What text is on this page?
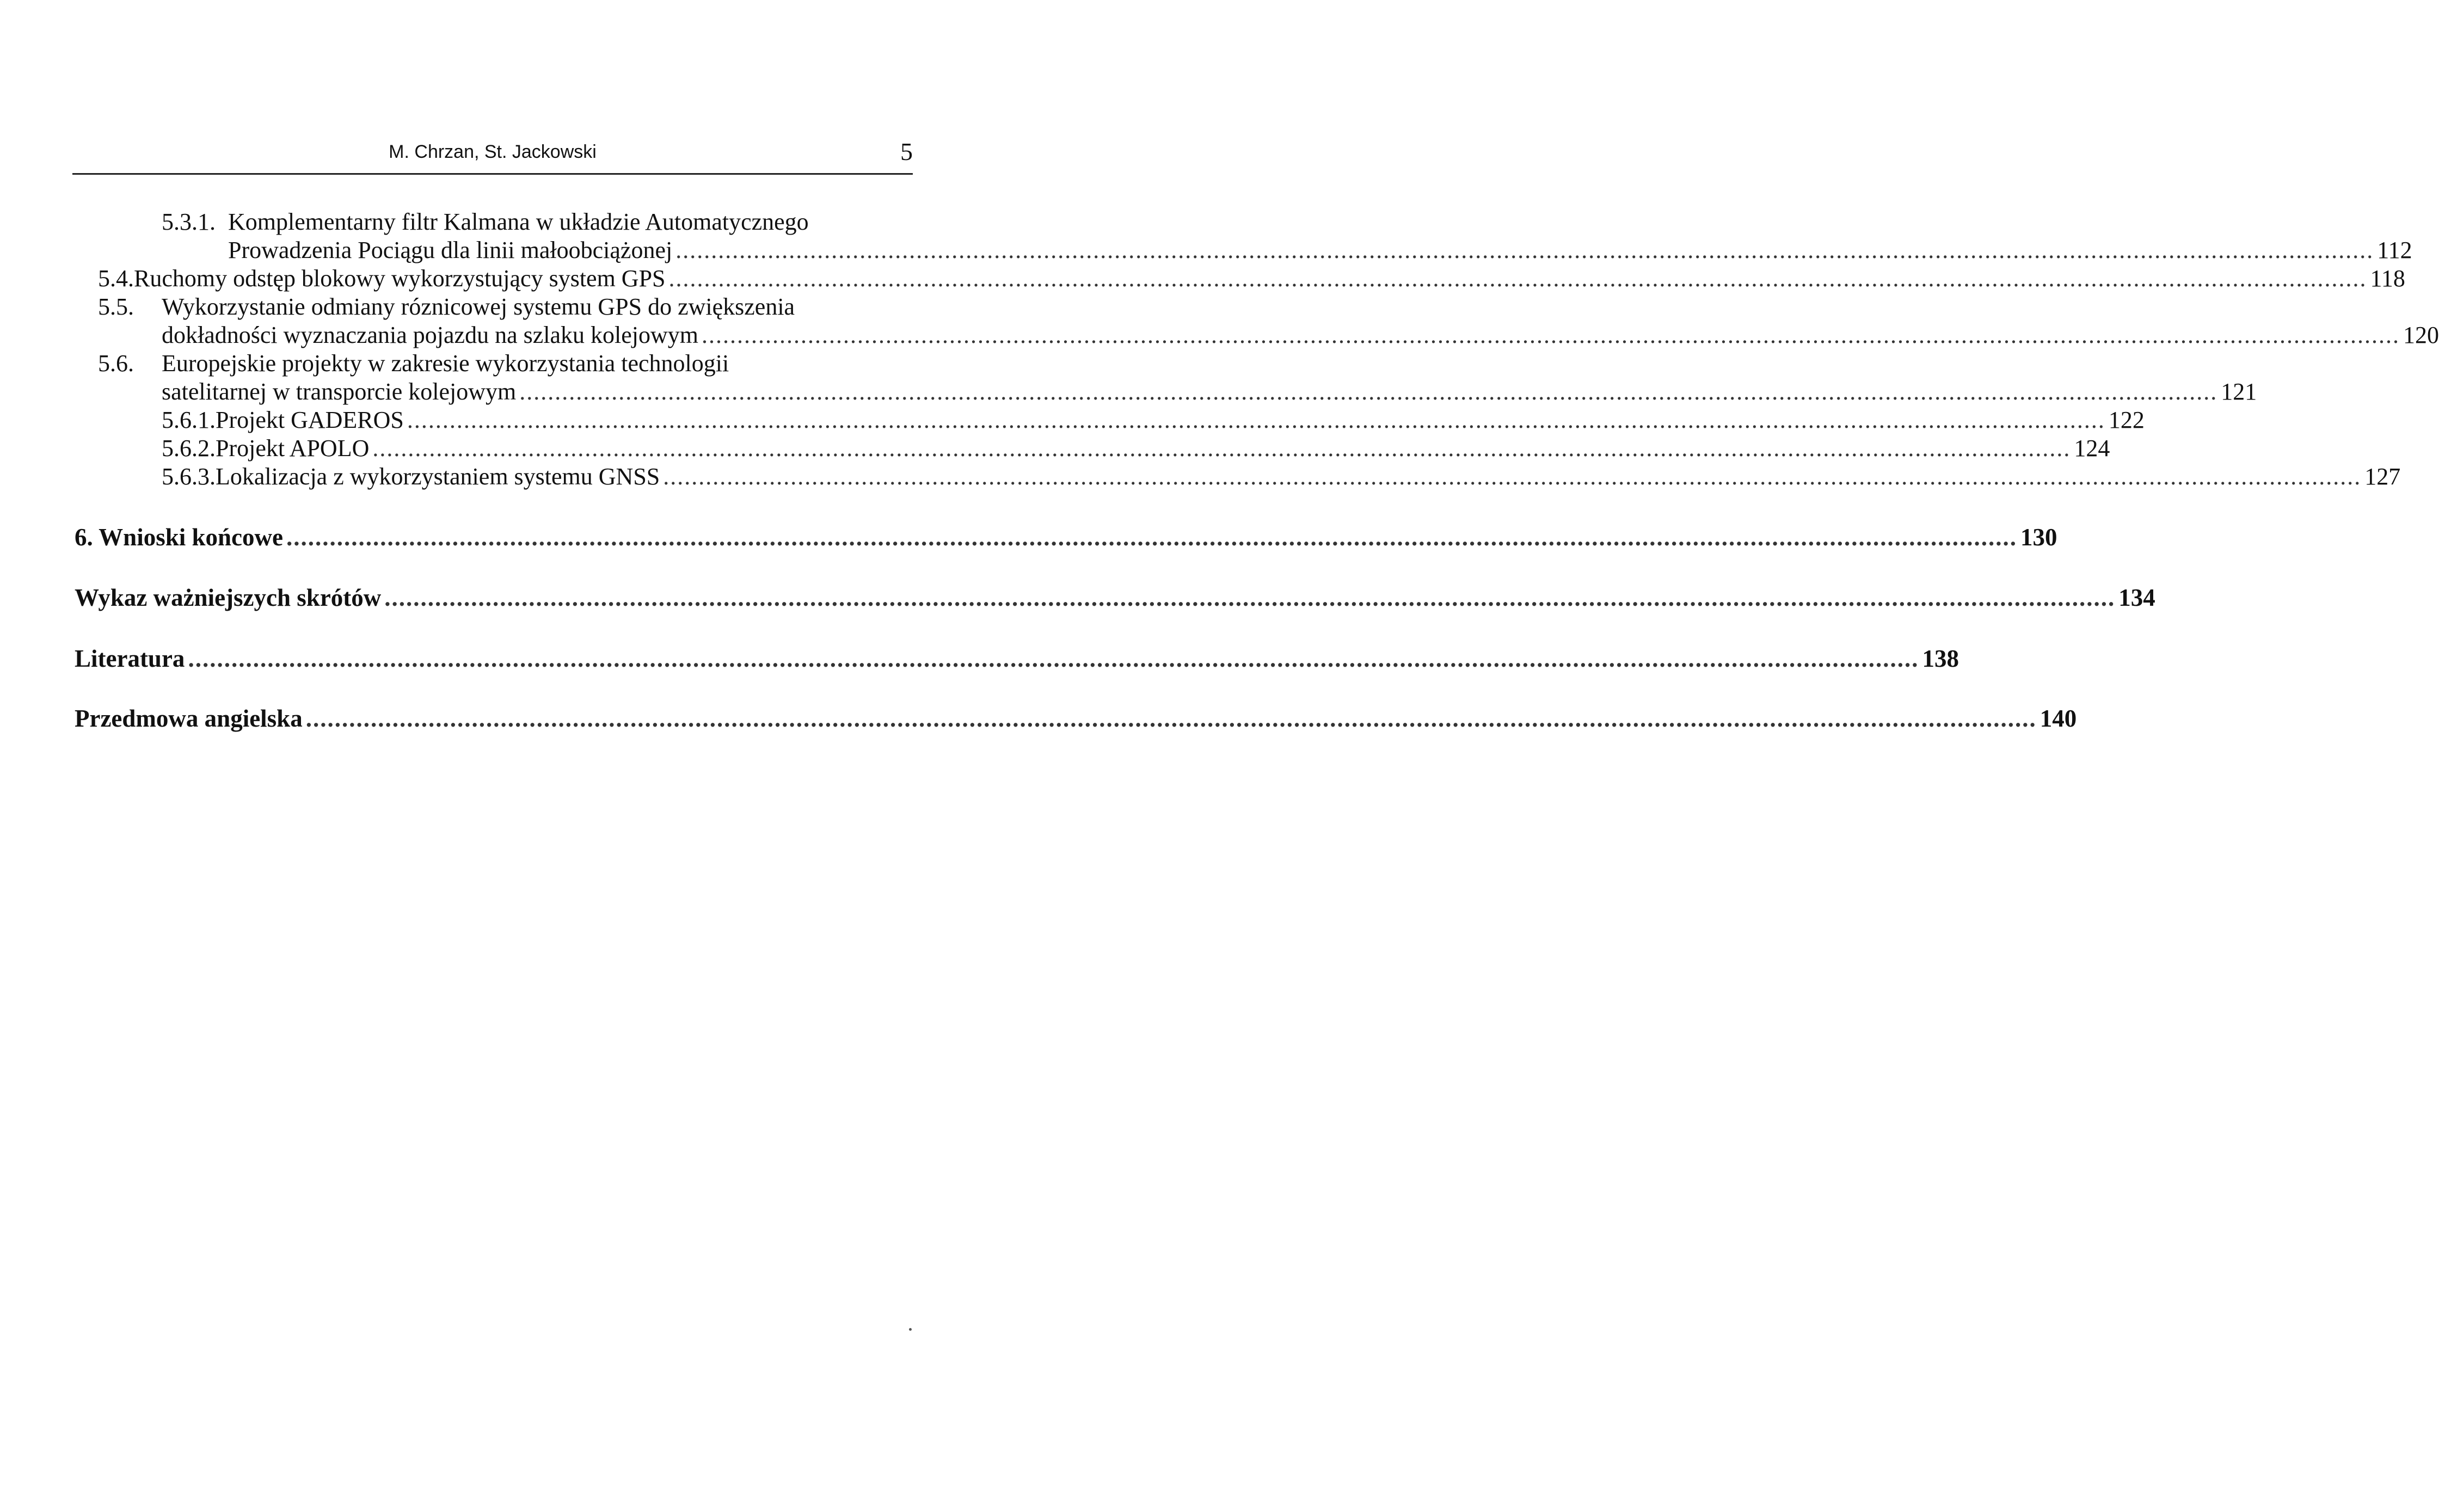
M. Chrzan, St. Jackowski	5
5.3.1. Komplementarny filtr Kalmana w układzie Automatycznego
Prowadzenia Pociągu dla linii małoobciążonej .....	112
5.4. Ruchomy odstęp blokowy wykorzystujący system GPS .....	118
5.5. Wykorzystanie odmiany róznicowej systemu GPS do zwiększenia
dokładności wyznaczania pojazdu na szlaku kolejowym .....	120
5.6. Europejskie projekty w zakresie wykorzystania technologii
satelitarnej w transporcie kolejowym .....	121
5.6.1. Projekt GADEROS .....	122
5.6.2. Projekt APOLO .....	124
5.6.3. Lokalizacja z wykorzystaniem systemu GNSS .....	127
6. Wnioski końcowe .....	130
Wykaz ważniejszych skrótów .....	134
Literatura .....	138
Przedmowa angielska .....	140
